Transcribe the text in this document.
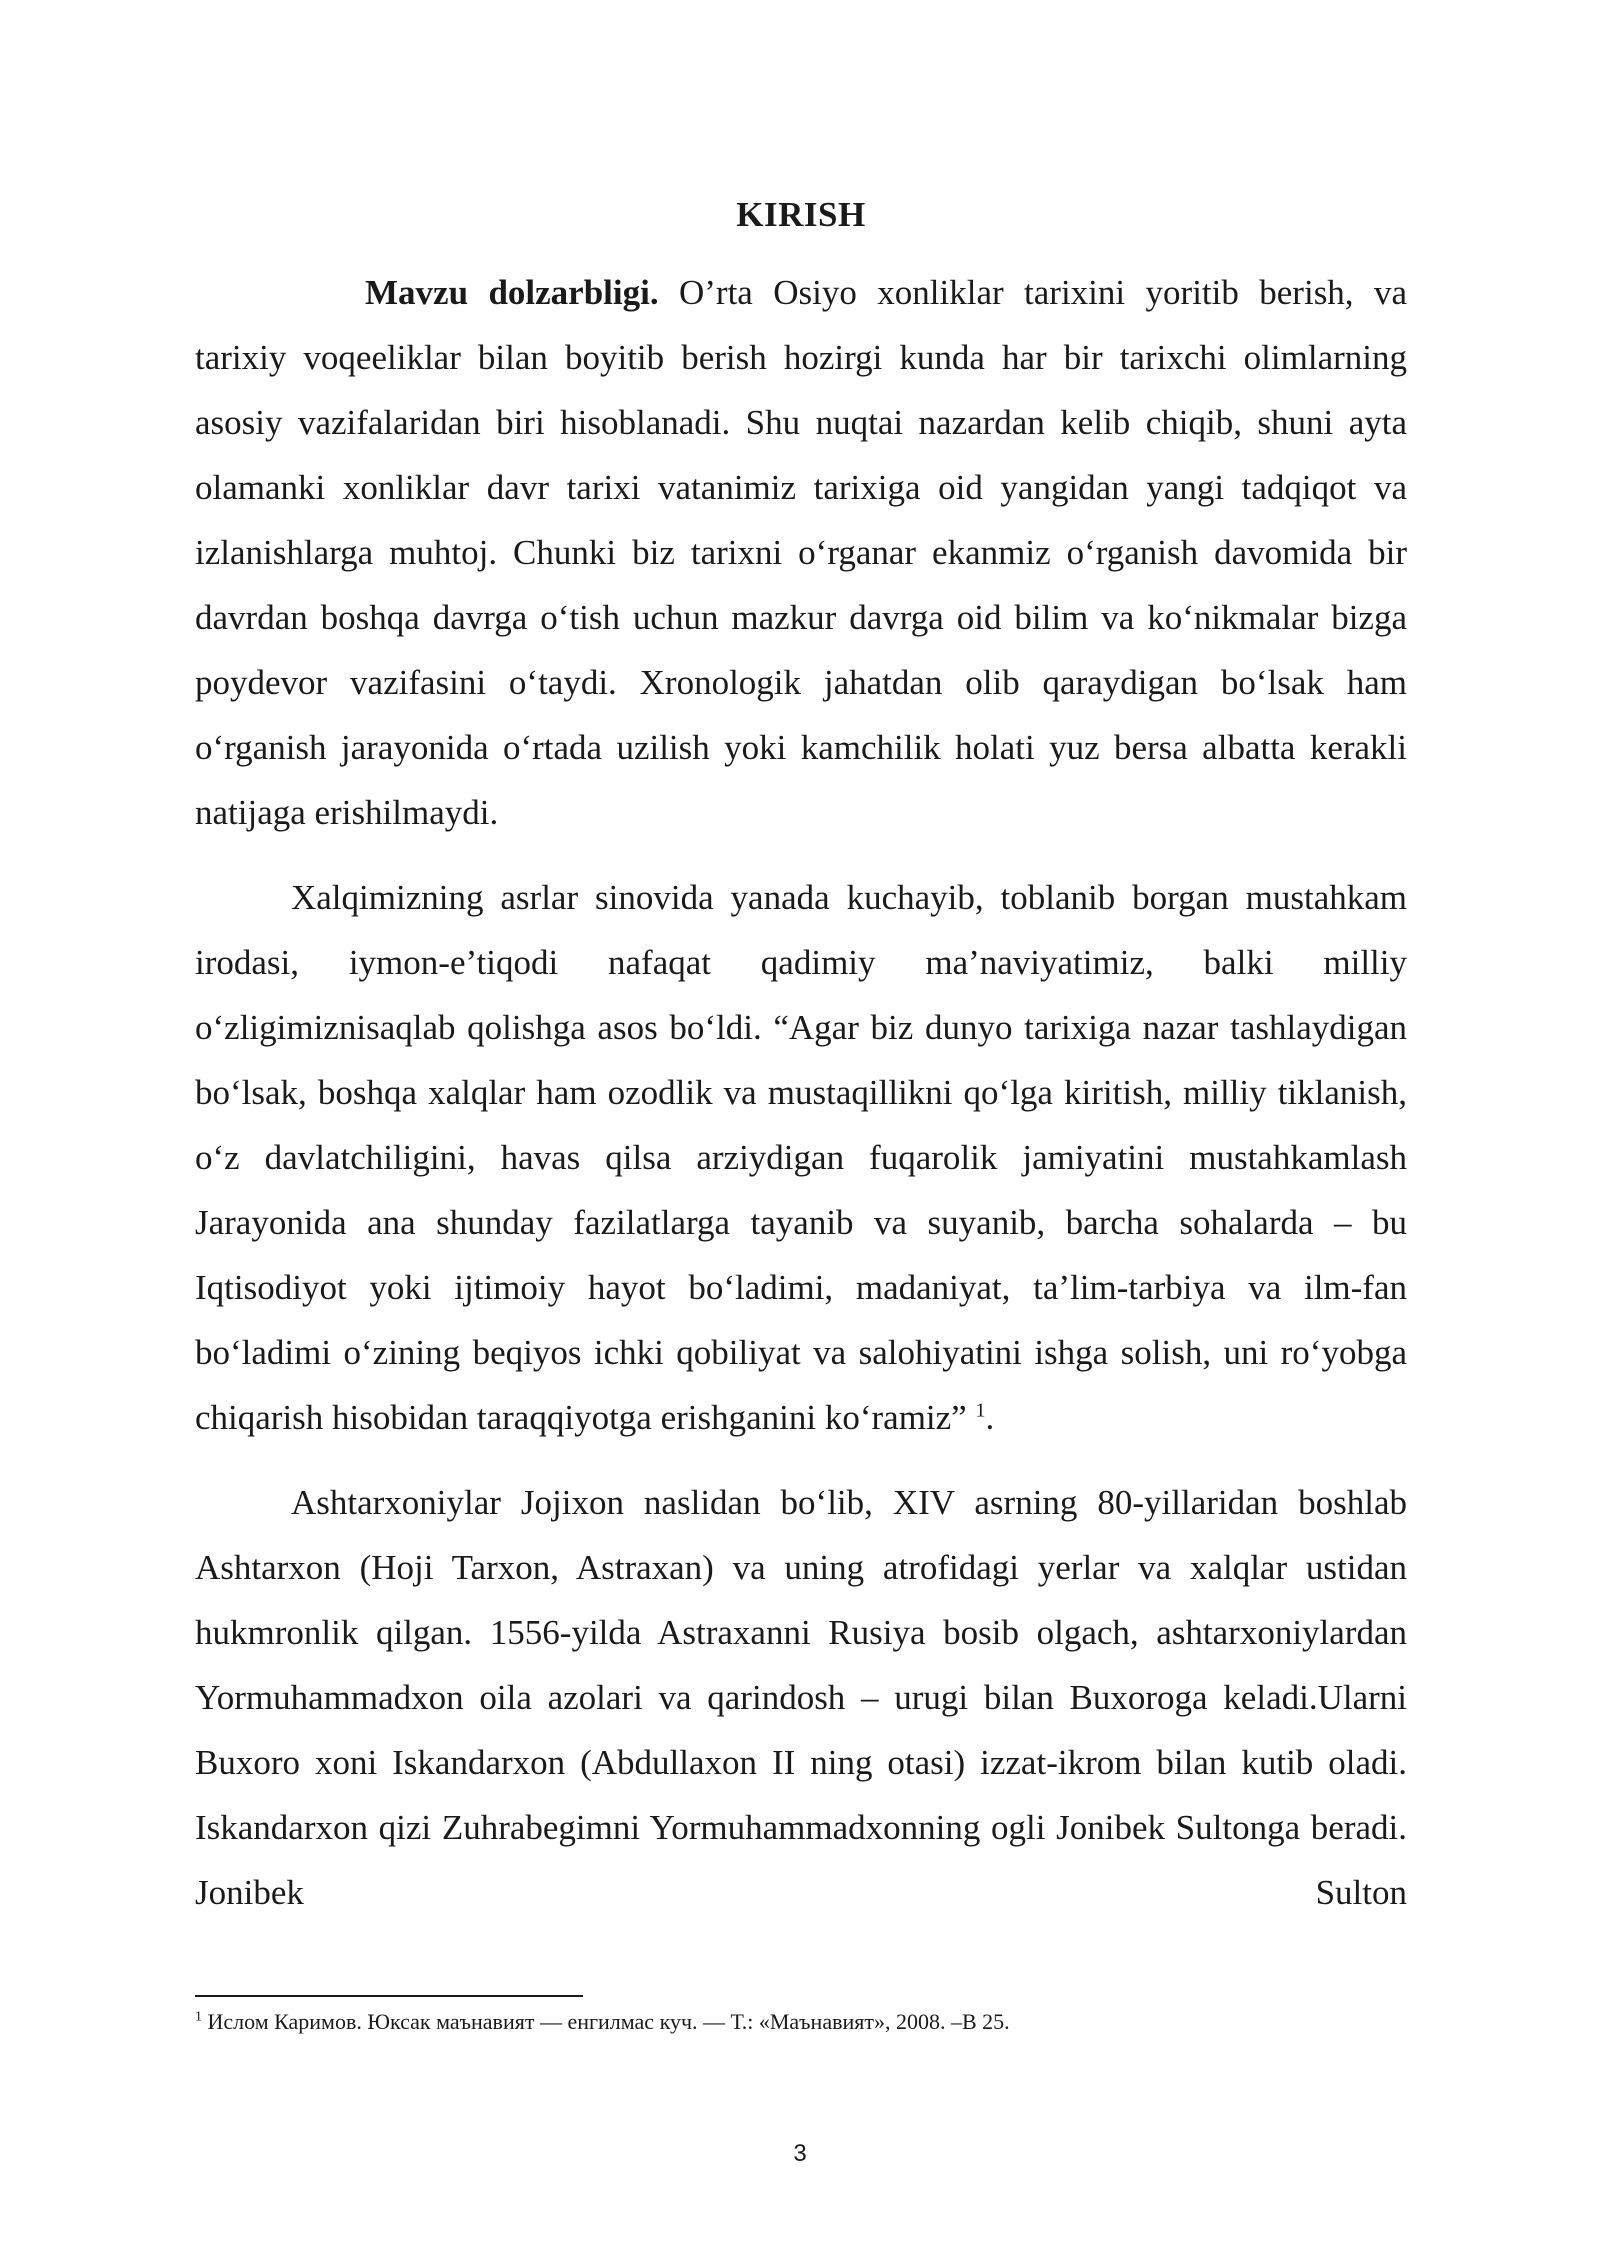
KIRISH

Mavzu dolzarbligi. O’rta Osiyo xonliklar tarixini yoritib berish, va tarixiy voqeeliklar bilan boyitib berish hozirgi kunda har bir tarixchi olimlarning asosiy vazifalaridan biri hisoblanadi. Shu nuqtai nazardan kelib chiqib, shuni ayta olamanki xonliklar davr tarixi vatanimiz tarixiga oid yangidan yangi tadqiqot va izlanishlarga muhtoj. Chunki biz tarixni o‘rganar ekanmiz o‘rganish davomida bir davrdan boshqa davrga o‘tish uchun mazkur davrga oid bilim va ko‘nikmalar bizga poydevor vazifasini o‘taydi. Xronologik jahatdan olib qaraydigan bo‘lsak ham o‘rganish jarayonida o‘rtada uzilish yoki kamchilik holati yuz bersa albatta kerakli natijaga erishilmaydi.

Xalqimizning asrlar sinovida yanada kuchayib, toblanib borgan mustahkam irodasi, iymon-e’tiqodi nafaqat qadimiy ma’naviyatimiz, balki milliy o‘zligimiznisaqlab qolishga asos bo‘ldi. “Agar biz dunyo tarixiga nazar tashlaydigan bo‘lsak, boshqa xalqlar ham ozodlik va mustaqillikni qo‘lga kiritish, milliy tiklanish, o‘z davlatchiligini, havas qilsa arziydigan fuqarolik jamiyatini mustahkamlash Jarayonida ana shunday fazilatlarga tayanib va suyanib, barcha sohalarda – bu Iqtisodiyot yoki ijtimoiy hayot bo‘ladimi, madaniyat, ta’lim-tarbiya va ilm-fan bo‘ladimi o‘zining beqiyos ichki qobiliyat va salohiyatini ishga solish, uni ro‘yobga chiqarish hisobidan taraqqiyotga erishganini ko‘ramiz” $^1$.

Ashtarxoniylar Jojixon naslidan bo‘lib, XIV asrning 80-yillaridan boshlab Ashtarxon (Hoji Tarxon, Astraxan) va uning atrofidagi yerlar va xalqlar ustidan hukmronlik qilgan. 1556-yilda Astraxanni Rusiya bosib olgach, ashtarxoniylardan Yormuhammadxon oila azolari va qarindosh – urugi bilan Buxoroga keladi.Ularni Buxoro xoni Iskandarxon (Abdullaxon II ning otasi) izzat-ikrom bilan kutib oladi. Iskandarxon qizi Zuhrabegimni Yormuhammadxonning ogli Jonibek Sultonga beradi. Jonibek Sulton

$^1$ Ислом Каримов. Юксак маънавият — енгилмас куч. — Т.: «Маънавият», 2008. –B 25.
3
